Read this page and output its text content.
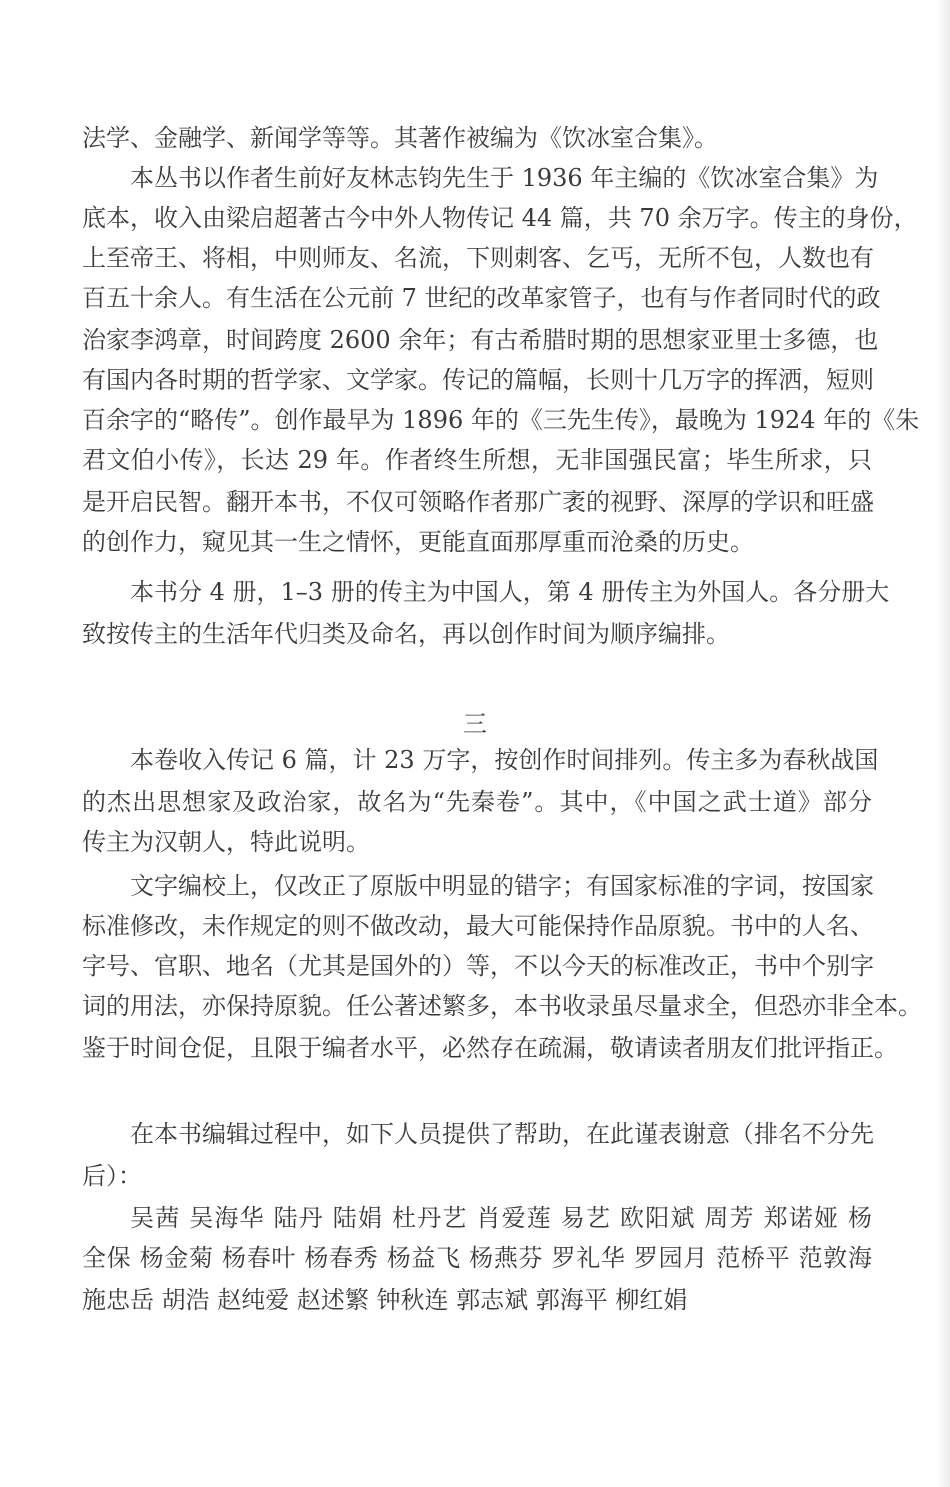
法学、金融学、新闻学等等。其著作被编为《饮冰室合集》。
本丛书以作者生前好友林志钧先生于 1936 年主编的《饮冰室合集》为
底本，收入由梁启超著古今中外人物传记 44 篇，共 70 余万字。传主的身份，
上至帝王、将相，中则师友、名流，下则刺客、乞丐，无所不包，人数也有
百五十余人。有生活在公元前 7 世纪的改革家管子，也有与作者同时代的政
治家李鸿章，时间跨度 2600 余年；有古希腊时期的思想家亚里士多德，也
有国内各时期的哲学家、文学家。传记的篇幅，长则十几万字的挥洒，短则
百余字的“略传”。创作最早为 1896 年的《三先生传》，最晚为 1924 年的《朱
君文伯小传》，长达 29 年。作者终生所想，无非国强民富；毕生所求，只
是开启民智。翻开本书，不仅可领略作者那广袤的视野、深厚的学识和旺盛
的创作力，窥见其一生之情怀，更能直面那厚重而沧桑的历史。
本书分 4 册，1–3 册的传主为中国人，第 4 册传主为外国人。各分册大
致按传主的生活年代归类及命名，再以创作时间为顺序编排。
三
本卷收入传记 6 篇，计 23 万字，按创作时间排列。传主多为春秋战国
的杰出思想家及政治家，故名为“先秦卷”。其中，《中国之武士道》部分
传主为汉朝人，特此说明。
文字编校上，仅改正了原版中明显的错字；有国家标准的字词，按国家
标准修改，未作规定的则不做改动，最大可能保持作品原貌。书中的人名、
字号、官职、地名（尤其是国外的）等，不以今天的标准改正，书中个别字
词的用法，亦保持原貌。任公著述繁多，本书收录虽尽量求全，但恐亦非全本。
鉴于时间仓促，且限于编者水平，必然存在疏漏，敬请读者朋友们批评指正。
在本书编辑过程中，如下人员提供了帮助，在此谨表谢意（排名不分先
后）：
吴茜 吴海华 陆丹 陆娟 杜丹艺 肖爱莲 易艺 欧阳斌 周芳 郑诺娅 杨
全保 杨金菊 杨春叶 杨春秀 杨益飞 杨燕芬 罗礼华 罗园月 范桥平 范敦海
施忠岳 胡浩 赵纯爱 赵述繁 钟秋连 郭志斌 郭海平 柳红娟
